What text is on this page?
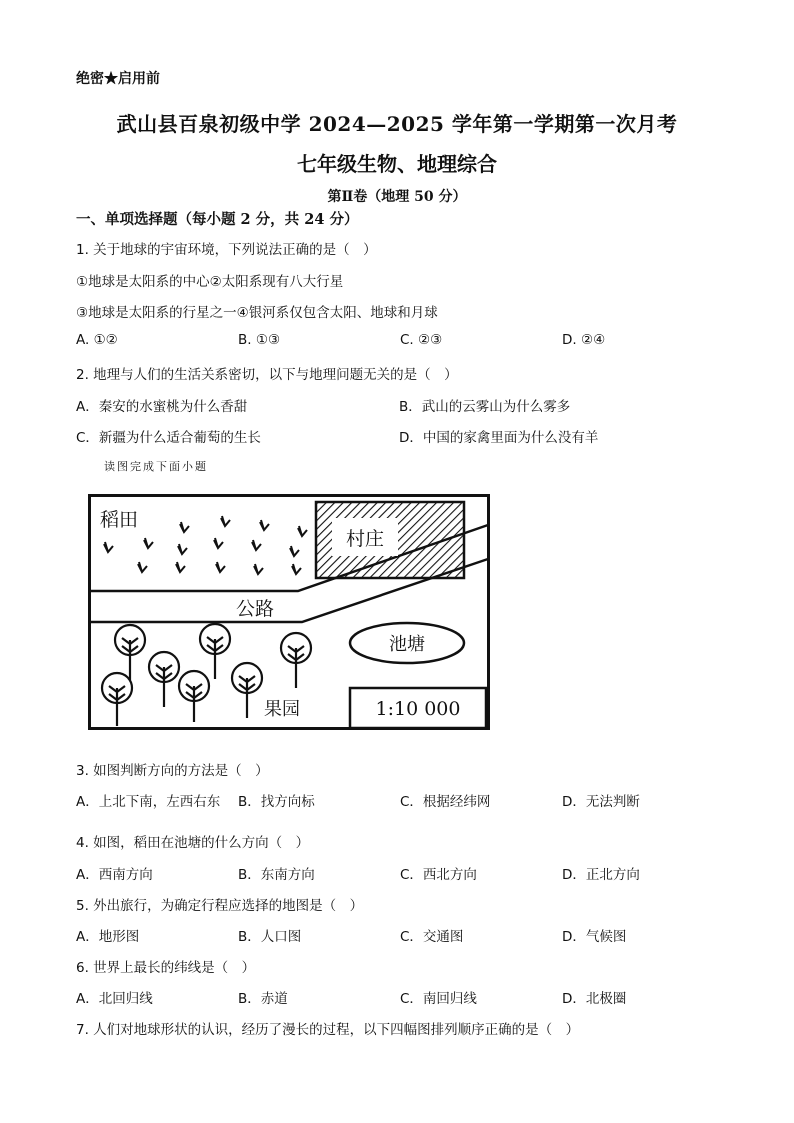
绝密★启用前
武山县百泉初级中学 2024—2025 学年第一学期第一次月考
七年级生物、地理综合
第Ⅱ卷（地理 50 分）
一、单项选择题（每小题 2 分，共 24 分）
1. 关于地球的宇宙环境，下列说法正确的是（　）
①地球是太阳系的中心②太阳系现有八大行星
③地球是太阳系的行星之一④银河系仅包含太阳、地球和月球
A. ①②	B. ①③	C. ②③	D. ②④
2. 地理与人们的生活关系密切，以下与地理问题无关的是（　）
A．秦安的水蜜桃为什么香甜	B．武山的云雾山为什么雾多
C．新疆为什么适合葡萄的生长	D．中国的家禽里面为什么没有羊
读图完成下面小题
村庄
稻田
公路
池塘
果园	1:10 000
3. 如图判断方向的方法是（　）
A．上北下南，左西右东 B．找方向标	C．根据经纬网	D．无法判断
4. 如图，稻田在池塘的什么方向（　）
A．西南方向	B．东南方向	C．西北方向	D．正北方向
5. 外出旅行，为确定行程应选择的地图是（　）
A．地形图	B．人口图	C．交通图	D．气候图
6. 世界上最长的纬线是（　）
A．北回归线	B．赤道	C．南回归线	D．北极圈
7. 人们对地球形状的认识，经历了漫长的过程，以下四幅图排列顺序正确的是（　）
